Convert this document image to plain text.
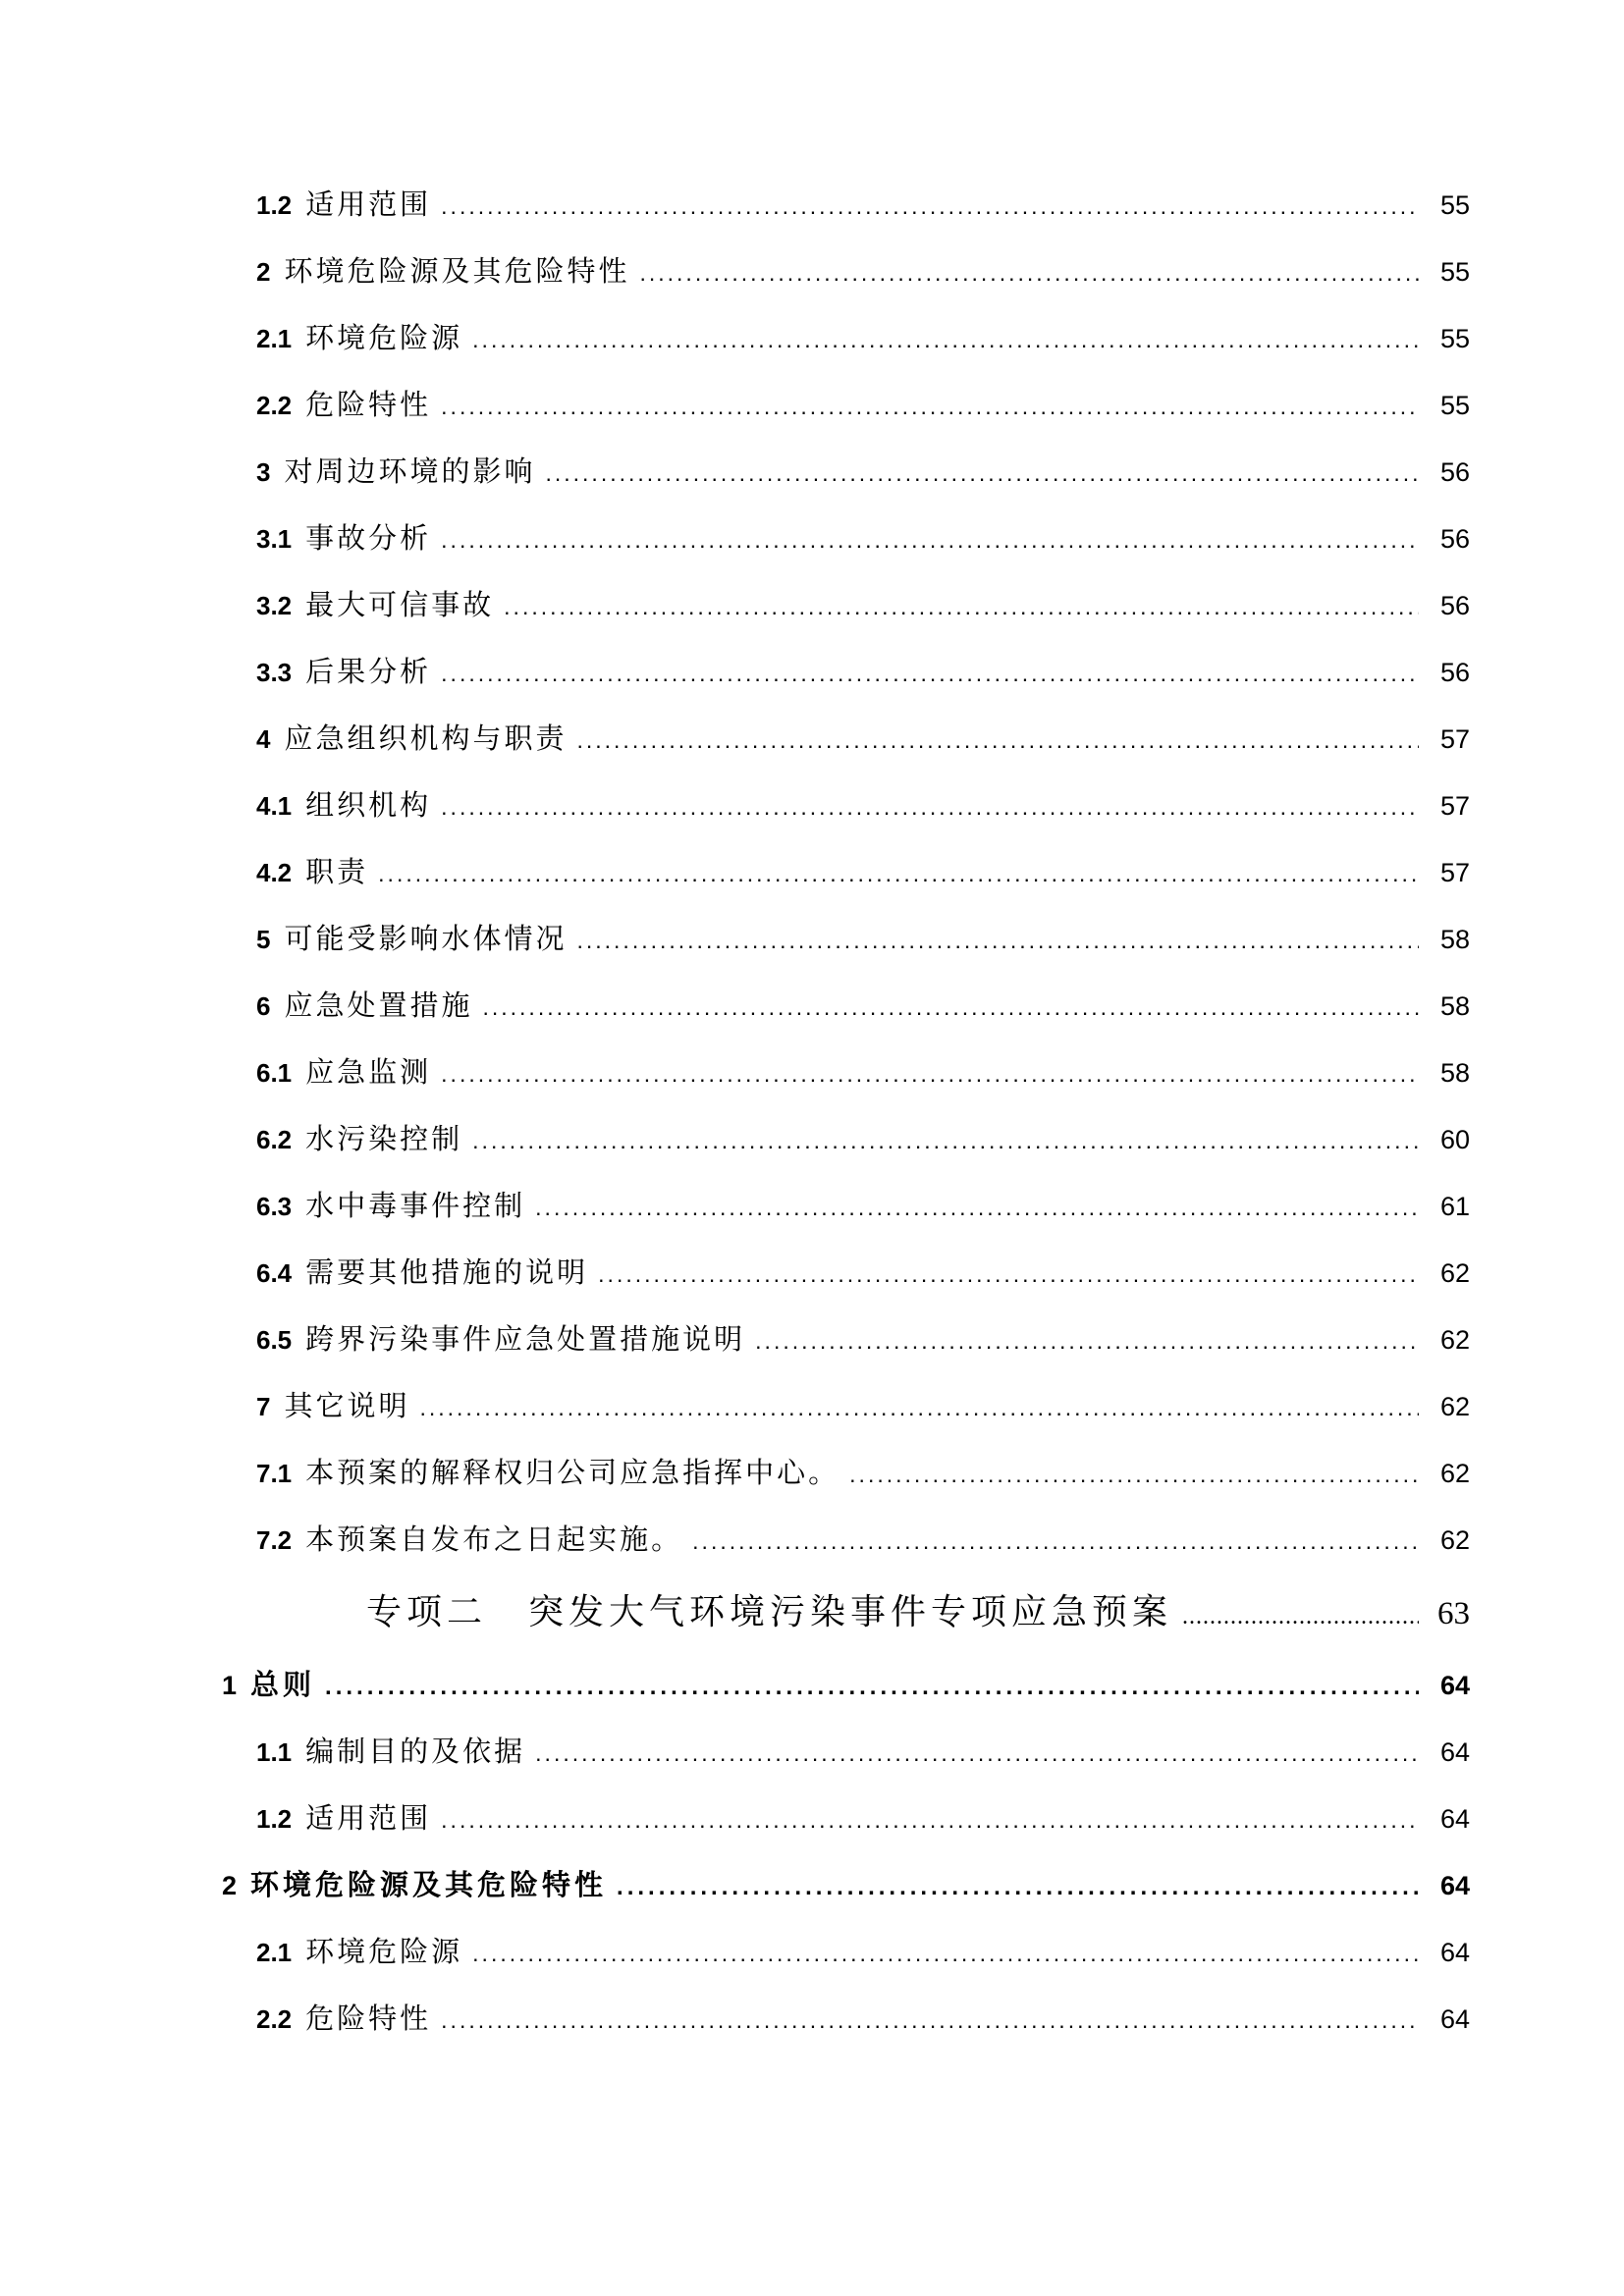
1.2 适用范围 .....	55
2 环境危险源及其危险特性 .....	55
2.1 环境危险源 .....	55
2.2 危险特性 .....	55
3 对周边环境的影响 .....	56
3.1 事故分析 .....	56
3.2 最大可信事故 .....	56
3.3 后果分析 .....	56
4 应急组织机构与职责 .....	57
4.1 组织机构 .....	57
4.2 职责 .....	57
5 可能受影响水体情况 .....	58
6 应急处置措施 .....	58
6.1 应急监测 .....	58
6.2 水污染控制 .....	60
6.3 水中毒事件控制 .....	61
6.4 需要其他措施的说明 .....	62
6.5 跨界污染事件应急处置措施说明 .....	62
7 其它说明 .....	62
7.1 本预案的解释权归公司应急指挥中心。 .....	62
7.2 本预案自发布之日起实施。 .....	62
专项二 突发大气环境污染事件专项应急预案 .....	63
1 总则 .....	64
1.1 编制目的及依据 .....	64
1.2 适用范围 .....	64
2 环境危险源及其危险特性 .....	64
2.1 环境危险源 .....	64
2.2 危险特性 .....	64
